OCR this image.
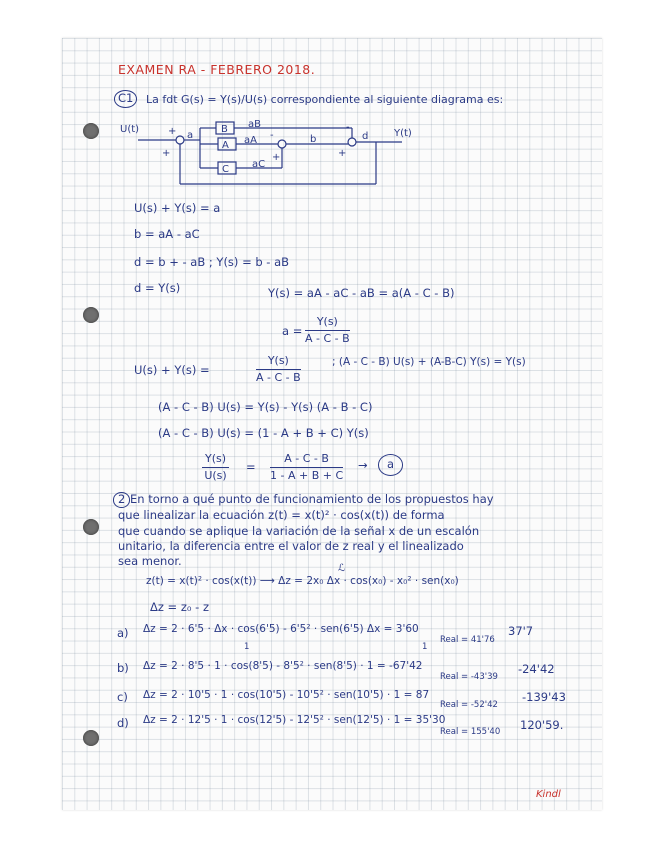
EXAMEN RA - FEBRERO 2018.
C1	La fdt G(s) = Y(s)/U(s) correspondiente al siguiente diagrama es:
U(t)	Y(t)
B
A
C
a
aB
aA
aC
b	d
+
+
-
+	+
-
U(s) + Y(s) = a
b = aA - aC
d = b + - aB ; Y(s) = b - aB
d = Y(s)	Y(s) = aA - aC - aB = a(A - C - B)
$a = \frac{Y(s)}{A - C - B}$
U(s) + Y(s) =	$\frac{Y(s)}{A - C - B}$	; (A - C - B) U(s) + (A-B-C) Y(s) = Y(s)
(A - C - B) U(s) = Y(s) - Y(s) (A - B - C)
(A - C - B) U(s) = (1 - A + B + C) Y(s)
$\frac{Y(s)}{U(s)} = \frac{A - C - B}{1 - A + B + C}$ →	a
2 En torno a qué punto de funcionamiento de los propuestos hay
que linealizar la ecuación z(t) = x(t)² · cos(x(t)) de forma
que cuando se aplique la variación de la señal x de un escalón
unitario, la diferencia entre el valor de z real y el linealizado
sea menor.
ℒ
z(t) = x(t)² · cos(x(t)) ⟶ Δz = 2x₀ Δx · cos(x₀) - x₀² · sen(x₀)
Δz = z₀ - z
a) Δz = 2 · 6'5 · Δx · cos(6'5) - 6'5² · sen(6'5) Δx = 3'60
1	1
Real = 41'76
37'7
b) Δz = 2 · 8'5 · 1 · cos(8'5) - 8'5² · sen(8'5) · 1 = -67'42
Real = -43'39
-24'42
c) Δz = 2 · 10'5 · 1 · cos(10'5) - 10'5² · sen(10'5) · 1 = 87
Real = -52'42
-139'43
d) Δz = 2 · 12'5 · 1 · cos(12'5) - 12'5² · sen(12'5) · 1 = 35'30
Real = 155'40 120'59.
Kindl
